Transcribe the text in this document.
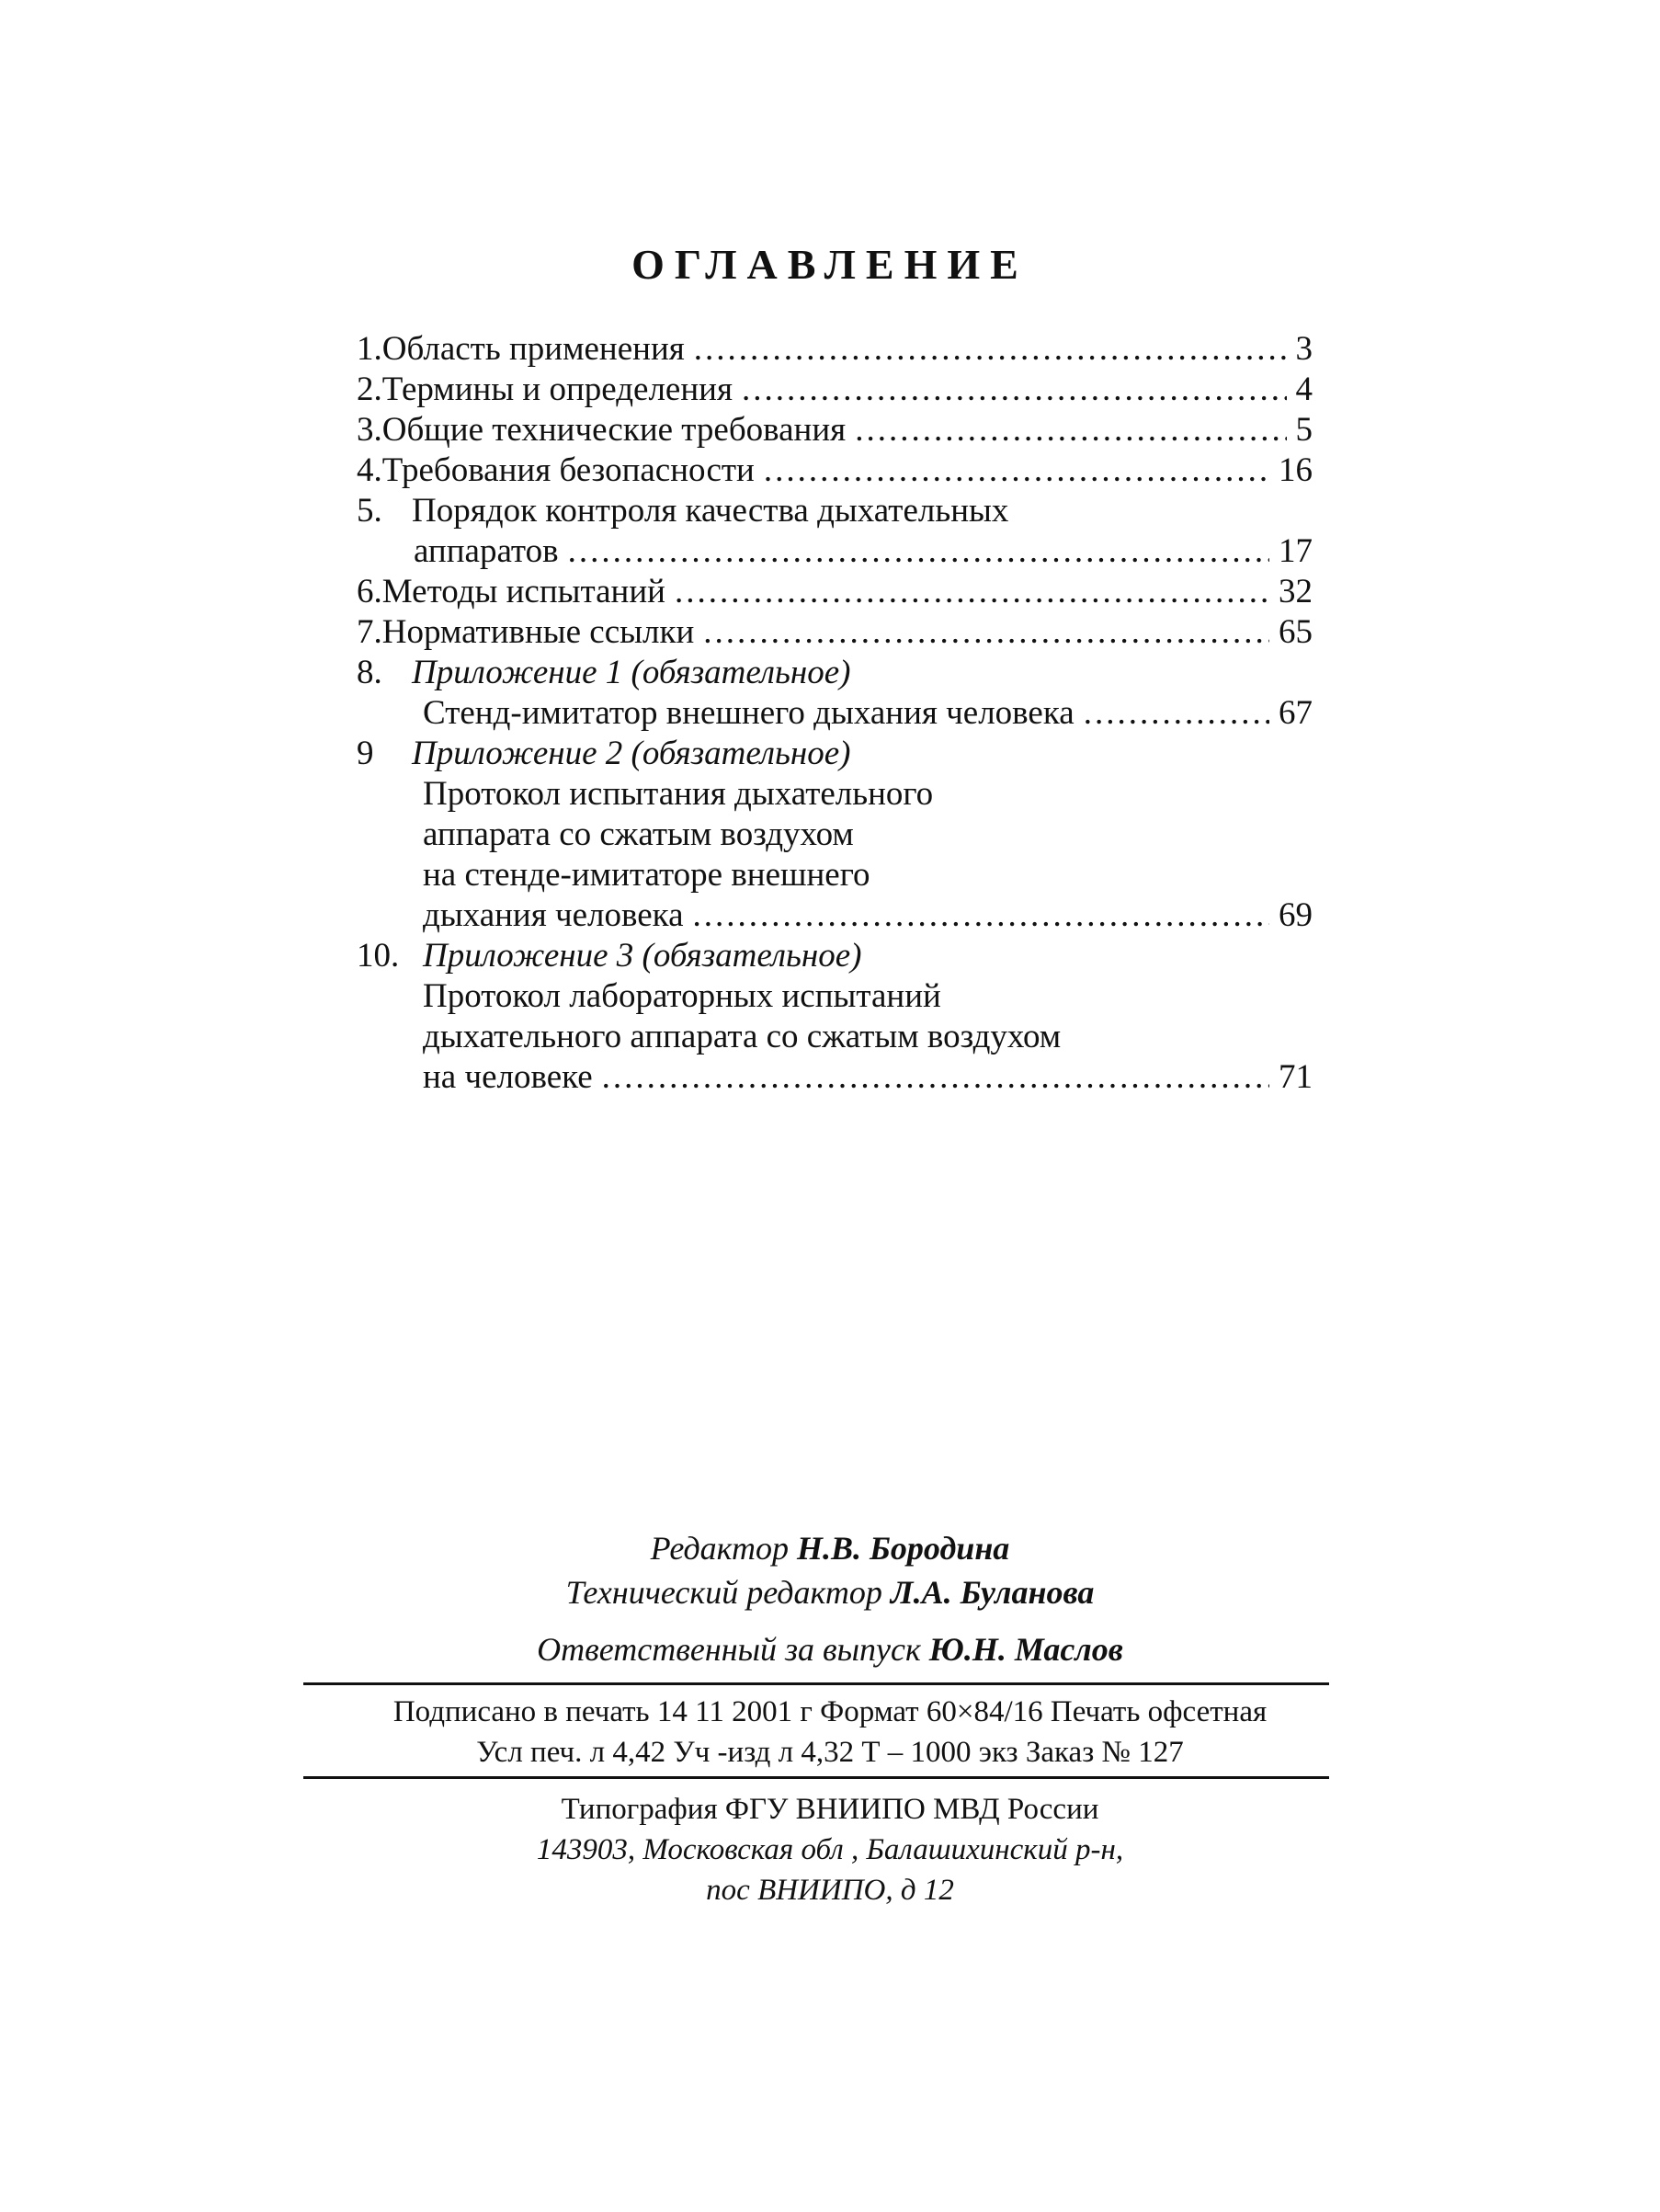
ОГЛАВЛЕНИЕ
1. Область применения .....	3
2. Термины и определения .....	4
3. Общие технические требования .....	5
4. Требования безопасности .....	16
5. Порядок контроля качества дыхательных
аппаратов .....	17
6. Методы испытаний .....	32
7. Нормативные ссылки .....	65
8. Приложение 1 (обязательное)
Стенд-имитатор внешнего дыхания человека .....	67
9	Приложение 2 (обязательное)
Протокол испытания дыхательного
аппарата со сжатым воздухом
на стенде-имитаторе внешнего
дыхания человека .....	69
10. Приложение 3 (обязательное)
Протокол лабораторных испытаний
дыхательного аппарата со сжатым воздухом
на человеке .....	71
Редактор Н.В. Бородина
Технический редактор Л.А. Буланова
Ответственный за выпуск Ю.Н. Маслов
Подписано в печать 14 11 2001 г Формат 60×84/16 Печать офсетная
Усл печ. л 4,42 Уч -изд л 4,32 Т – 1000 экз Заказ № 127
Типография ФГУ ВНИИПО МВД России
143903, Московская обл , Балашихинский р-н,
пос ВНИИПО, д 12
